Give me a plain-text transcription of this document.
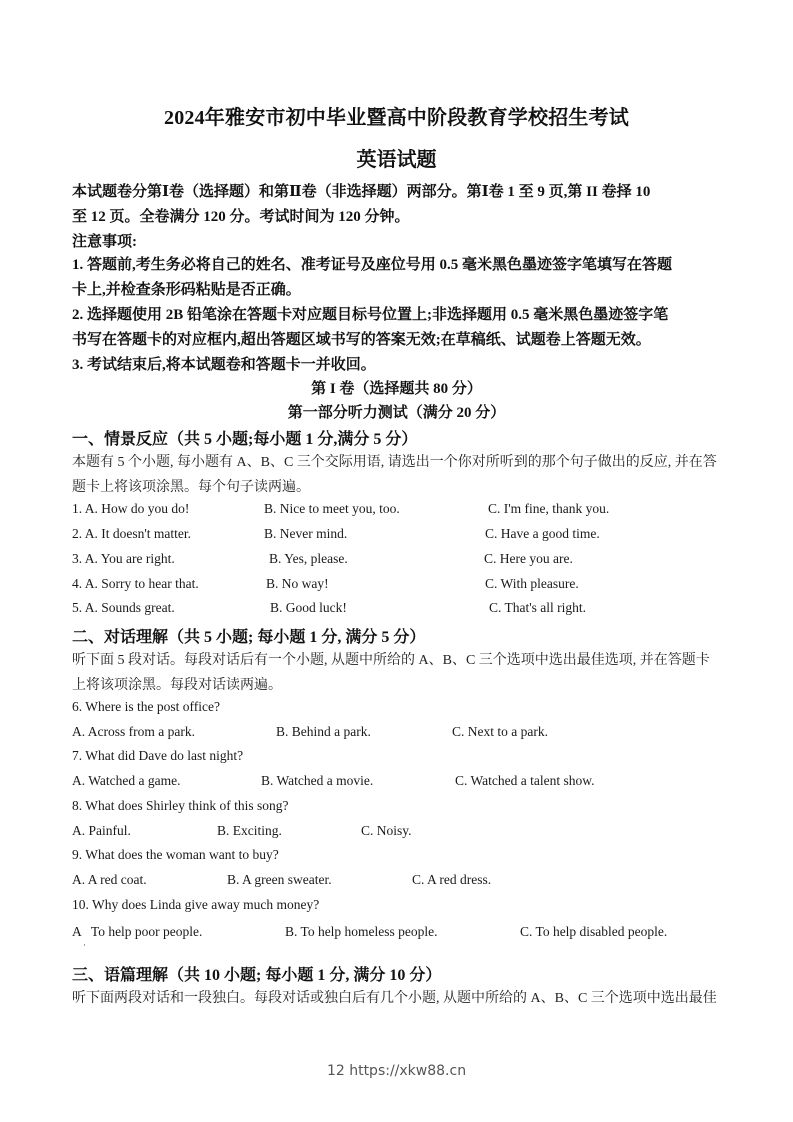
2024年雅安市初中毕业暨高中阶段教育学校招生考试
英语试题
本试题卷分第Ⅰ卷（选择题）和第Ⅱ卷（非选择题）两部分。第Ⅰ卷 1 至 9 页,第 II 卷择 10
至 12 页。全卷满分 120 分。考试时间为 120 分钟。
注意事项:
1. 答题前,考生务必将自己的姓名、准考证号及座位号用 0.5 毫米黑色墨迹签字笔填写在答题
卡上,并检查条形码粘贴是否正确。
2. 选择题使用 2B 铅笔涂在答题卡对应题目标号位置上;非选择题用 0.5 毫米黑色墨迹签字笔
书写在答题卡的对应框内,超出答题区域书写的答案无效;在草稿纸、试题卷上答题无效。
3. 考试结束后,将本试题卷和答题卡一并收回。
第 I 卷（选择题共 80 分）
第一部分听力测试（满分 20 分）
一、情景反应（共 5 小题;每小题 1 分,满分 5 分）
本题有 5 个小题, 每小题有 A、B、C 三个交际用语, 请选出一个你对所听到的那个句子做出的反应, 并在答
题卡上将该项涂黑。每个句子读两遍。
1. A. How do you do!	B. Nice to meet you, too.	C. I'm fine, thank you.
2. A. It doesn't matter.	B. Never mind.	C. Have a good time.
3. A. You are right.	B. Yes, please.	C. Here you are.
4. A. Sorry to hear that.	B. No way!	C. With pleasure.
5. A. Sounds great.	B. Good luck!	C. That's all right.
二、对话理解（共 5 小题; 每小题 1 分, 满分 5 分）
听下面 5 段对话。每段对话后有一个小题, 从题中所给的 A、B、C 三个选项中选出最佳选项, 并在答题卡
上将该项涂黑。每段对话读两遍。
6. Where is the post office?
A. Across from a park.	B. Behind a park.	C. Next to a park.
7. What did Dave do last night?
A. Watched a game.	B. Watched a movie.	C. Watched a talent show.
8. What does Shirley think of this song?
A. Painful.	B. Exciting.	C. Noisy.
9. What does the woman want to buy?
A. A red coat.	B. A green sweater.	C. A red dress.
10. Why does Linda give away much money?
A   To help poor people.	B. To help homeless people.	C. To help disabled people.
三、语篇理解（共 10 小题; 每小题 1 分, 满分 10 分）
听下面两段对话和一段独白。每段对话或独白后有几个小题, 从题中所给的 A、B、C 三个选项中选出最佳
12 https://xkw88.cn
